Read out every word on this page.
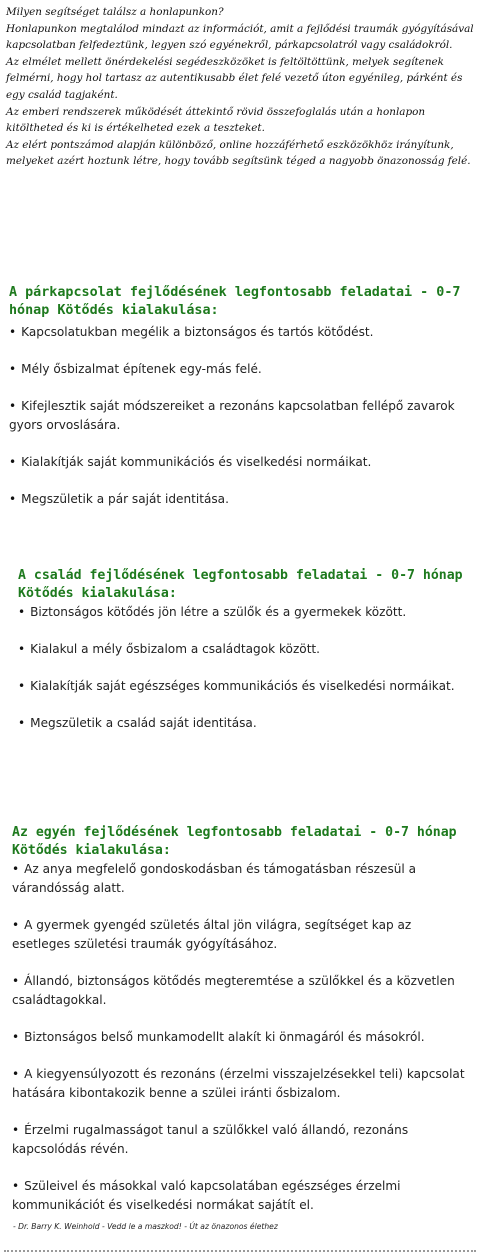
Milyen segítséget találsz a honlapunkon?

Honlapunkon megtalálod mindazt az információt, amit a fejlődési traumák gyógyításával kapcsolatban felfedeztünk, legyen szó egyénekről, párkapcsolatról vagy családokról.

Az elmélet mellett önérdekelési segédeszközöket is feltöltöttünk, melyek segítenek felmérni, hogy hol tartasz az autentikusabb élet felé vezető úton egyénileg, párként és egy család tagjaként.

Az emberi rendszerek működését áttekintő rövid összefoglalás után a honlapon kitöltheted és ki is értékelheted ezek a teszteket.

Az elért pontszámod alapján különböző, online hozzáférhető eszközökhöz irányítunk, melyeket azért hoztunk létre, hogy tovább segítsünk téged a nagyobb önazonosság felé.

A párkapcsolat fejlődésének legfontosabb feladatai - 0-7
hónap Kötődés kialakulása:
• Kapcsolatukban megélik a biztonságos és tartós kötődést.
• Mély ősbizalmat építenek egy-más felé.
• Kifejlesztik saját módszereiket a rezonáns kapcsolatban fellépő zavarok gyors orvoslására.
• Kialakítják saját kommunikációs és viselkedési normáikat.
• Megszületik a pár saját identitása.
A család fejlődésének legfontosabb feladatai - 0-7 hónap
Kötődés kialakulása:
• Biztonságos kötődés jön létre a szülők és a gyermekek között.
• Kialakul a mély ősbizalom a családtagok között.
• Kialakítják saját egészséges kommunikációs és viselkedési normáikat.
• Megszületik a család saját identitása.
Az egyén fejlődésének legfontosabb feladatai - 0-7 hónap
Kötődés kialakulása:
• Az anya megfelelő gondoskodásban és támogatásban részesül a várandósság alatt.
• A gyermek gyengéd születés által jön világra, segítséget kap az esetleges születési traumák gyógyításához.
• Állandó, biztonságos kötődés megteremtése a szülőkkel és a közvetlen családtagokkal.
• Biztonságos belső munkamodellt alakít ki önmagáról és másokról.
• A kiegyensúlyozott és rezonáns (érzelmi visszajelzésekkel teli) kapcsolat hatására kibontakozik benne a szülei iránti ősbizalom.
• Érzelmi rugalmasságot tanul a szülőkkel való állandó, rezonáns kapcsolódás révén.
• Szüleivel és másokkal való kapcsolatában egészséges érzelmi kommunikációt és viselkedési normákat sajátít el.
- Dr. Barry K. Weinhold - Vedd le a maszkod! - Út az önazonos élethez
